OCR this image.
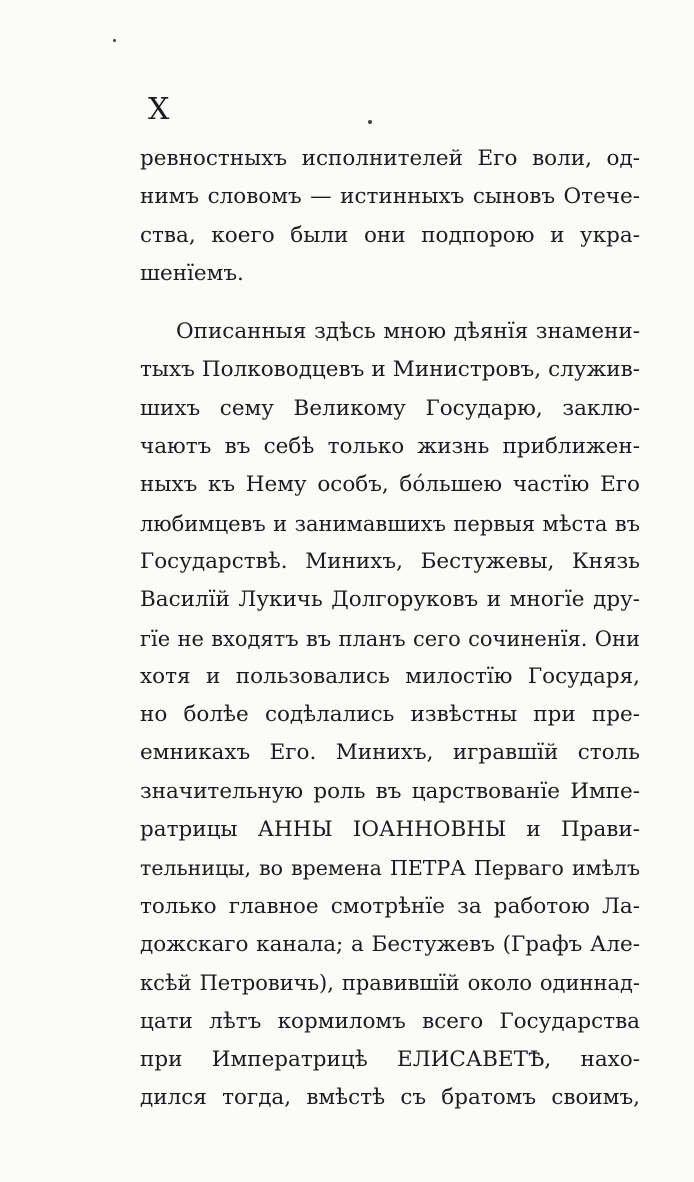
X
ревностныхъ исполнителей Его воли, од-
нимъ словомъ — истинныхъ сыновъ Отече-
ства, коего были они подпорою и укра-
шенїемъ.
Описанныя здѣсь мною дѣянїя знамени-
тыхъ Полководцевъ и Министровъ, служив-
шихъ сему Великому Государю, заклю-
чаютъ въ себѣ только жизнь приближен-
ныхъ къ Нему особъ, бóльшею частїю Его
любимцевъ и занимавшихъ первыя мѣста въ
Государствѣ. Минихъ, Бестужевы, Князь
Василїй Лукичь Долгоруковъ и многїе дру-
гїе не входятъ въ планъ сего сочиненїя. Они
хотя и пользовались милостїю Государя,
но болѣе содѣлались извѣстны при пре-
емникахъ Его. Минихъ, игравшїй столь
значительную роль въ царствованїе Импе-
ратрицы АННЫ ІОАННОВНЫ и Прави-
тельницы, во времена ПЕТРА Перваго имѣлъ
только главное смотрѣнїе за работою Ла-
дожскаго канала; а Бестужевъ (Графъ Але-
ксѣй Петровичь), правившїй около одиннад-
цати лѣтъ кормиломъ всего Государства
при Императрицѣ ЕЛИСАВЕТѢ, нахо-
дился тогда, вмѣстѣ съ братомъ своимъ,
